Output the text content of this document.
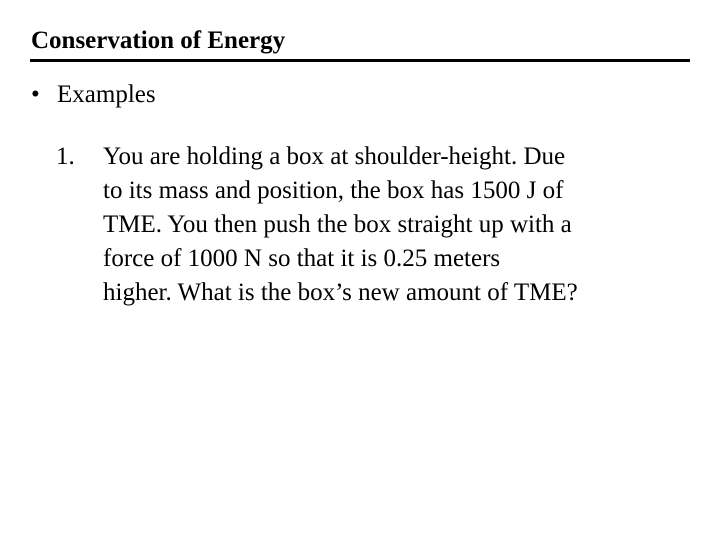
Conservation of Energy
• Examples
1.	You are holding a box at shoulder-height. Due
to its mass and position, the box has 1500 J of
TME. You then push the box straight up with a
force of 1000 N so that it is 0.25 meters
higher. What is the box’s new amount of TME?
